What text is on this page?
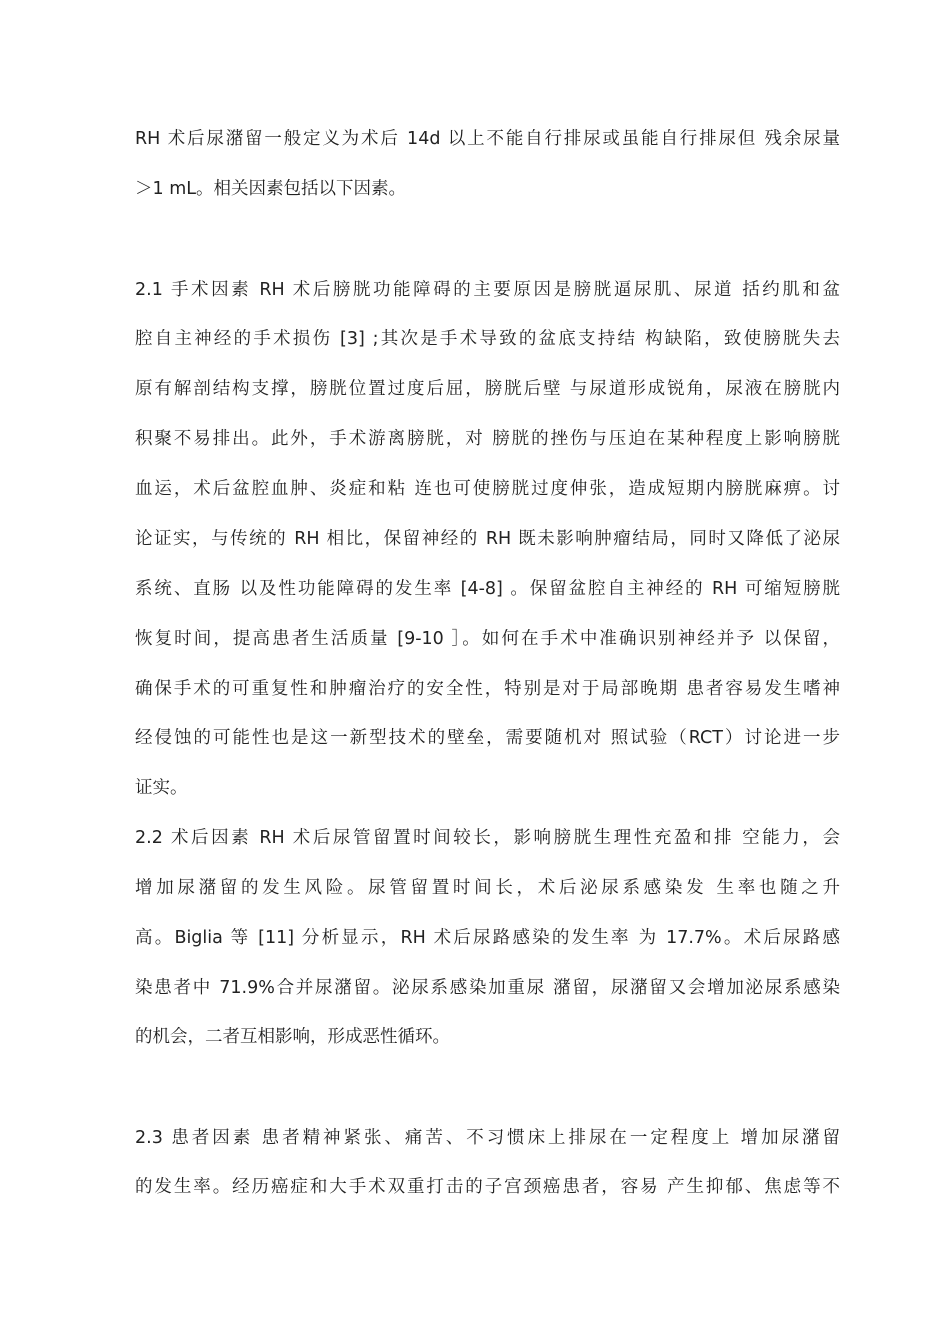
RH 术后尿潴留一般定义为术后 14d 以上不能自行排尿或虽能自行排尿但 残余尿量
＞1 mL。相关因素包括以下因素。
2.1 手术因素 RH 术后膀胱功能障碍的主要原因是膀胱逼尿肌、尿道 括约肌和盆
腔自主神经的手术损伤 [3] ;其次是手术导致的盆底支持结 构缺陷，致使膀胱失去
原有解剖结构支撑，膀胱位置过度后屈，膀胱后壁 与尿道形成锐角，尿液在膀胱内
积聚不易排出。此外，手术游离膀胱，对 膀胱的挫伤与压迫在某种程度上影响膀胱
血运，术后盆腔血肿、炎症和粘 连也可使膀胱过度伸张，造成短期内膀胱麻痹。讨
论证实，与传统的 RH 相比，保留神经的 RH 既未影响肿瘤结局，同时又降低了泌尿
系统、直肠 以及性功能障碍的发生率 [4-8] 。保留盆腔自主神经的 RH 可缩短膀胱
恢复时间，提高患者生活质量 [9-10 ］。如何在手术中准确识别神经并予 以保留，
确保手术的可重复性和肿瘤治疗的安全性，特别是对于局部晚期 患者容易发生嗜神
经侵蚀的可能性也是这一新型技术的壁垒，需要随机对 照试验（RCT）讨论进一步
证实。
2.2 术后因素 RH 术后尿管留置时间较长，影响膀胱生理性充盈和排 空能力，会
增加尿潴留的发生风险。尿管留置时间长，术后泌尿系感染发 生率也随之升
高。Biglia 等 [11] 分析显示，RH 术后尿路感染的发生率 为 17.7%。术后尿路感
染患者中 71.9%合并尿潴留。泌尿系感染加重尿 潴留，尿潴留又会增加泌尿系感染
的机会，二者互相影响，形成恶性循环。
2.3 患者因素 患者精神紧张、痛苦、不习惯床上排尿在一定程度上 增加尿潴留
的发生率。经历癌症和大手术双重打击的子宫颈癌患者，容易 产生抑郁、焦虑等不
